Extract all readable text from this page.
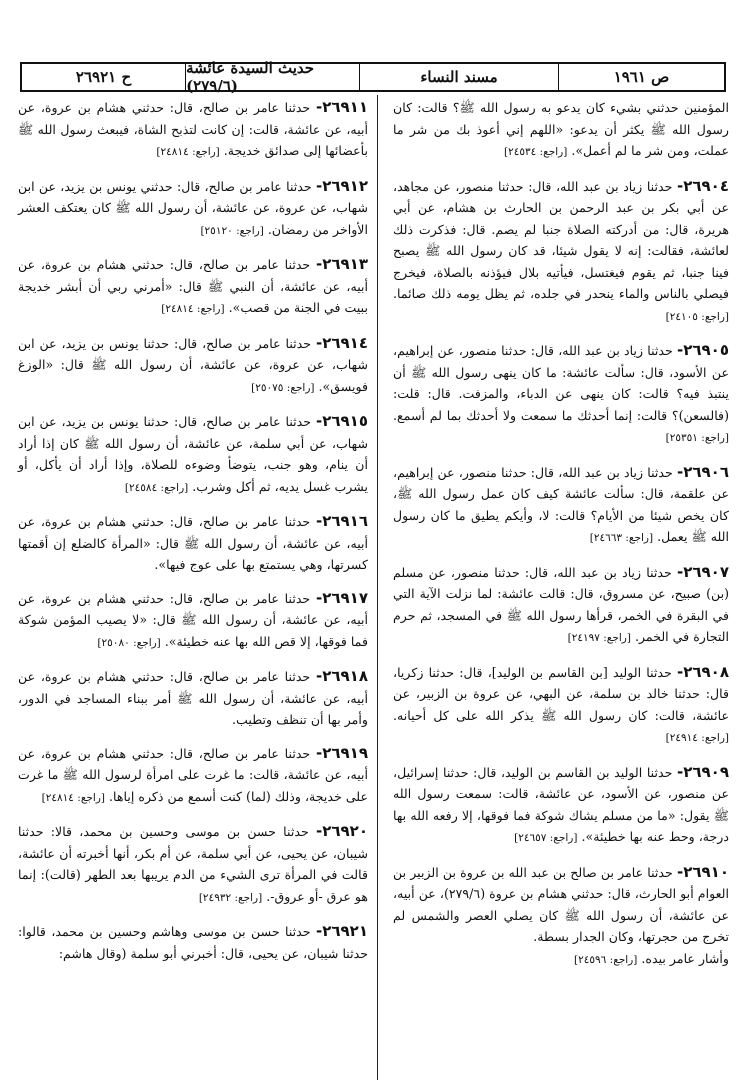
ح ٢٦٩٢١	حديث السيدة عائشة (٢٧٩/٦)	مسند النساء	ص ١٩٦١

المؤمنين حدثني بشيء كان يدعو به رسول الله ﷺ؟ قالت: كان رسول الله ﷺ يكثر أن يدعو: «اللهم إني أعوذ بك من شر ما عملت، ومن شر ما لم أعمل». [راجع: ٢٤٥٣٤]

٢٦٩٠٤- حدثنا زياد بن عبد الله، قال: حدثنا منصور، عن مجاهد، عن أبي بكر بن عبد الرحمن بن الحارث بن هشام، عن أبي هريرة، قال: من أدركته الصلاة جنبا لم يصم. قال: فذكرت ذلك لعائشة، فقالت: إنه لا يقول شيئا، قد كان رسول الله ﷺ يصبح فينا جنبا، ثم يقوم فيغتسل، فيأتيه بلال فيؤذنه بالصلاة، فيخرج فيصلي بالناس والماء ينحدر في جلده، ثم يظل يومه ذلك صائما. [راجع: ٢٤١٠٥]

٢٦٩٠٥- حدثنا زياد بن عبد الله، قال: حدثنا منصور، عن إبراهيم، عن الأسود، قال: سألت عائشة: ما كان ينهى رسول الله ﷺ أن ينتبذ فيه؟ قالت: كان ينهى عن الدباء، والمزفت. قال: قلت: (فالسعن)؟ قالت: إنما أحدثك ما سمعت ولا أحدثك بما لم أسمع. [راجع: ٢٥٣٥١]

٢٦٩٠٦- حدثنا زياد بن عبد الله، قال: حدثنا منصور، عن إبراهيم، عن علقمة، قال: سألت عائشة كيف كان عمل رسول الله ﷺ، كان يخص شيئا من الأيام؟ قالت: لا، وأيكم يطيق ما كان رسول الله ﷺ يعمل. [راجع: ٢٤٦٦٣]

٢٦٩٠٧- حدثنا زياد بن عبد الله، قال: حدثنا منصور، عن مسلم (بن) صبيح، عن مسروق، قال: قالت عائشة: لما نزلت الآية التي في البقرة في الخمر، قرأها رسول الله ﷺ في المسجد، ثم حرم التجارة في الخمر. [راجع: ٢٤١٩٧]

٢٦٩٠٨- حدثنا الوليد [بن القاسم بن الوليد]، قال: حدثنا زكريا، قال: حدثنا خالد بن سلمة، عن البهي، عن عروة بن الزبير، عن عائشة، قالت: كان رسول الله ﷺ يذكر الله على كل أحيانه. [راجع: ٢٤٩١٤]

٢٦٩٠٩- حدثنا الوليد بن القاسم بن الوليد، قال: حدثنا إسرائيل، عن منصور، عن الأسود، عن عائشة، قالت: سمعت رسول الله ﷺ يقول: «ما من مسلم يشاك شوكة فما فوقها، إلا رفعه الله بها درجة، وحط عنه بها خطيئة». [راجع: ٢٤٦٥٧]

٢٦٩١٠- حدثنا عامر بن صالح بن عبد الله بن عروة بن الزبير بن العوام أبو الحارث، قال: حدثني هشام بن عروة (٢٧٩/٦)، عن أبيه، عن عائشة، أن رسول الله ﷺ كان يصلي العصر والشمس لم تخرج من حجرتها، وكان الجدار بسطة.

وأشار عامر بيده. [راجع: ٢٤٥٩٦]

٢٦٩١١- حدثنا عامر بن صالح، قال: حدثني هشام بن عروة، عن أبيه، عن عائشة، قالت: إن كانت لتذبح الشاة، فيبعث رسول الله ﷺ بأعضائها إلى صدائق خديجة. [راجع: ٢٤٨١٤]

٢٦٩١٢- حدثنا عامر بن صالح، قال: حدثني يونس بن يزيد، عن ابن شهاب، عن عروة، عن عائشة، أن رسول الله ﷺ كان يعتكف العشر الأواخر من رمضان. [راجع: ٢٥١٢٠]

٢٦٩١٣- حدثنا عامر بن صالح، قال: حدثني هشام بن عروة، عن أبيه، عن عائشة، أن النبي ﷺ قال: «أمرني ربي أن أبشر خديجة ببيت في الجنة من قصب». [راجع: ٢٤٨١٤]

٢٦٩١٤- حدثنا عامر بن صالح، قال: حدثنا يونس بن يزيد، عن ابن شهاب، عن عروة، عن عائشة، أن رسول الله ﷺ قال: «الوزغ فويسق». [راجع: ٢٥٠٧٥]

٢٦٩١٥- حدثنا عامر بن صالح، قال: حدثنا يونس بن يزيد، عن ابن شهاب، عن أبي سلمة، عن عائشة، أن رسول الله ﷺ كان إذا أراد أن ينام، وهو جنب، يتوضأ وضوءه للصلاة، وإذا أراد أن يأكل، أو يشرب غسل يديه، ثم أكل وشرب. [راجع: ٢٤٥٨٤]

٢٦٩١٦- حدثنا عامر بن صالح، قال: حدثني هشام بن عروة، عن أبيه، عن عائشة، أن رسول الله ﷺ قال: «المرأة كالضلع إن أقمتها كسرتها، وهي يستمتع بها على عوج فيها».

٢٦٩١٧- حدثنا عامر بن صالح، قال: حدثني هشام بن عروة، عن أبيه، عن عائشة، أن رسول الله ﷺ قال: «لا يصيب المؤمن شوكة فما فوقها، إلا قص الله بها عنه خطيئة». [راجع: ٢٥٠٨٠]

٢٦٩١٨- حدثنا عامر بن صالح، قال: حدثني هشام بن عروة، عن أبيه، عن عائشة، أن رسول الله ﷺ أمر ببناء المساجد في الدور، وأمر بها أن تنظف وتطيب.

٢٦٩١٩- حدثنا عامر بن صالح، قال: حدثني هشام بن عروة، عن أبيه، عن عائشة، قالت: ما غرت على امرأة لرسول الله ﷺ ما غرت على خديجة، وذلك (لما) كنت أسمع من ذكره إياها. [راجع: ٢٤٨١٤]

٢٦٩٢٠- حدثنا حسن بن موسى وحسين بن محمد، قالا: حدثنا شيبان، عن يحيى، عن أبي سلمة، عن أم بكر، أنها أخبرته أن عائشة، قالت في المرأة ترى الشيء من الدم يريبها بعد الطهر (قالت): إنما هو عرق -أو عروق-. [راجع: ٢٤٩٣٢]

٢٦٩٢١- حدثنا حسن بن موسى وهاشم وحسين بن محمد، قالوا: حدثنا شيبان، عن يحيى، قال: أخبرني أبو سلمة (وقال هاشم:
